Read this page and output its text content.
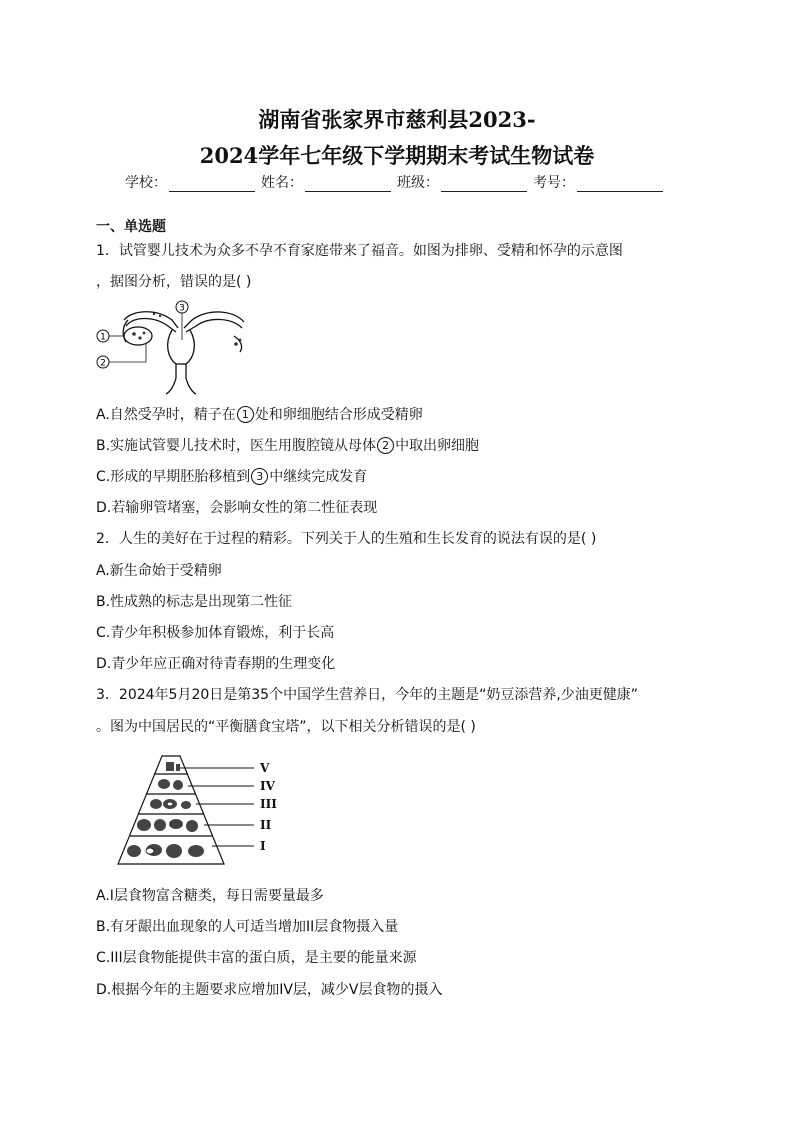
湖南省张家界市慈利县2023-
2024学年七年级下学期期末考试生物试卷
学校：	姓名：	班级：	考号：
一、单选题
1．试管婴儿技术为众多不孕不育家庭带来了福音。如图为排卵、受精和怀孕的示意图
，据图分析，错误的是( )
1
2
3
A.自然受孕时，精子在 1 处和卵细胞结合形成受精卵
B.实施试管婴儿技术时，医生用腹腔镜从母体 2 中取出卵细胞
C.形成的早期胚胎移植到 3 中继续完成发育
D.若输卵管堵塞，会影响女性的第二性征表现
2．人生的美好在于过程的精彩。下列关于人的生殖和生长发育的说法有误的是( )
A.新生命始于受精卵
B.性成熟的标志是出现第二性征
C.青少年积极参加体育锻炼，利于长高
D.青少年应正确对待青春期的生理变化
3．2024年5月20日是第35个中国学生营养日，今年的主题是“奶豆添营养,少油更健康”
。图为中国居民的“平衡膳食宝塔”，以下相关分析错误的是( )
V
IV
III
II
I
A.I层食物富含糖类，每日需要量最多
B.有牙龈出血现象的人可适当增加II层食物摄入量
C.III层食物能提供丰富的蛋白质，是主要的能量来源
D.根据今年的主题要求应增加IV层，减少V层食物的摄入
